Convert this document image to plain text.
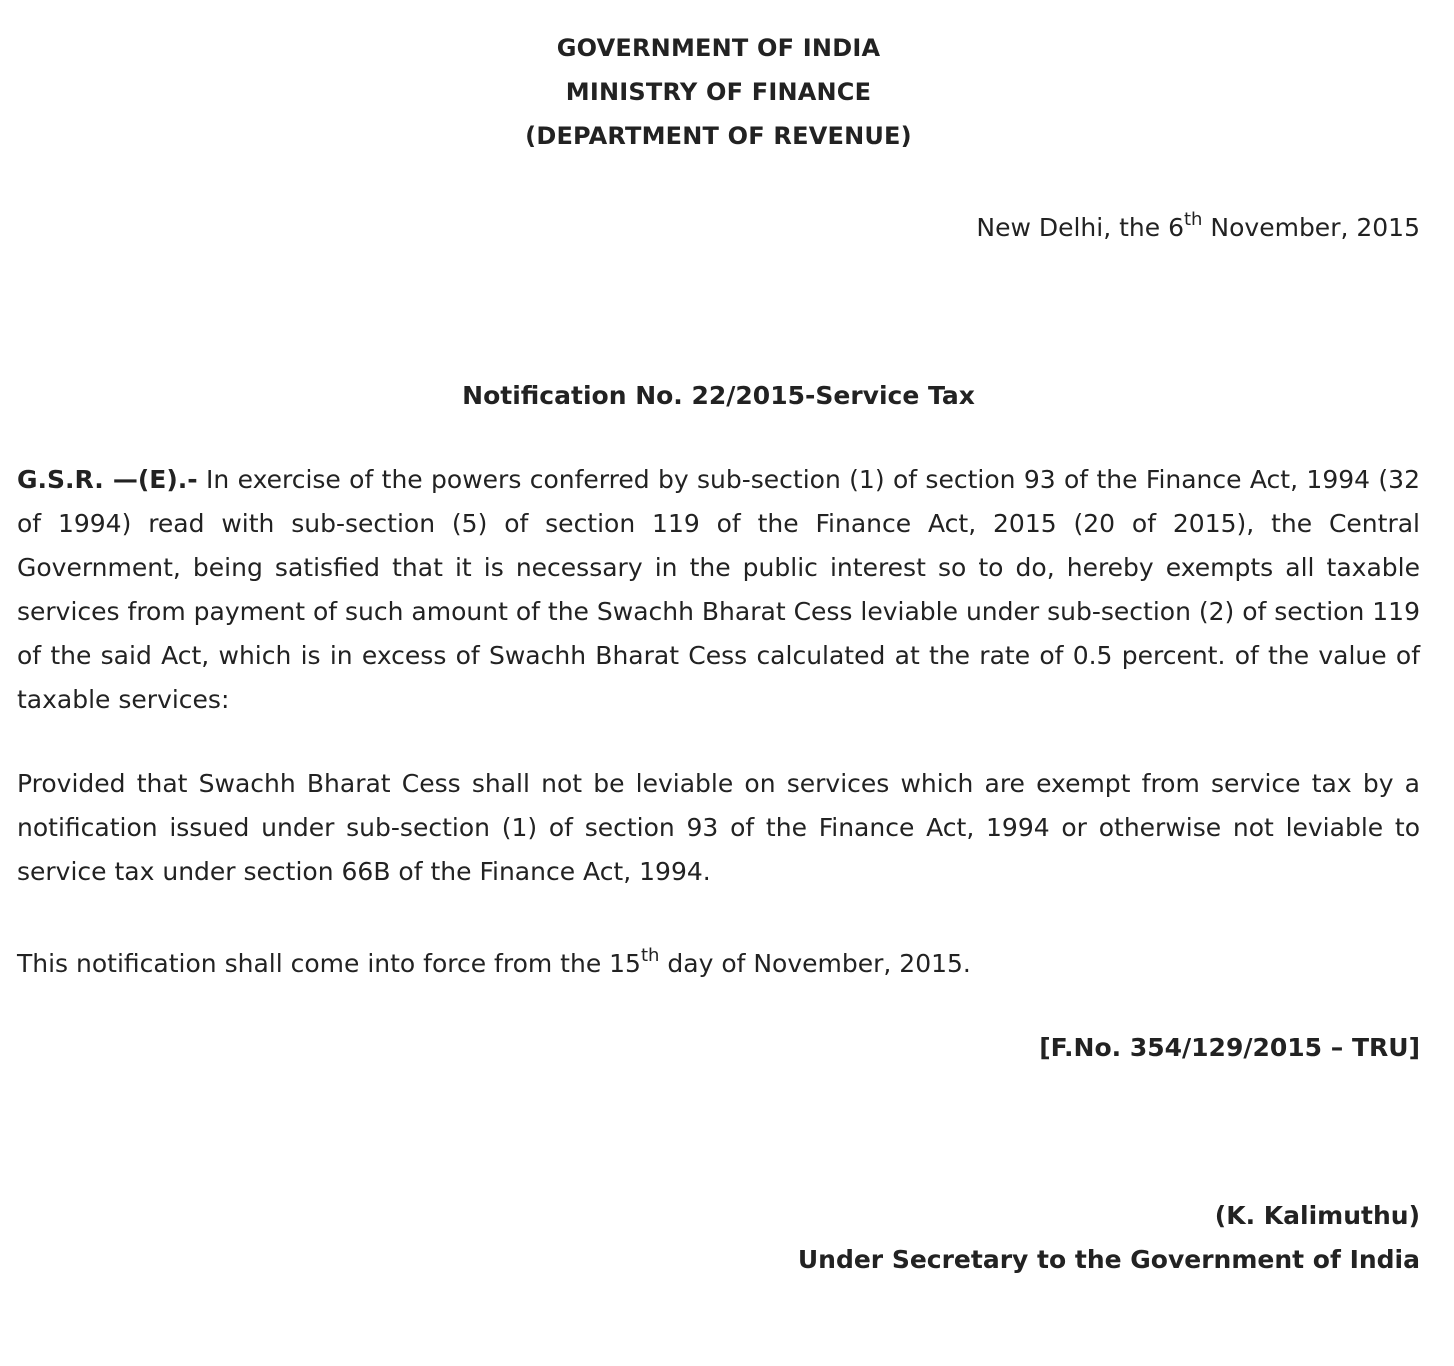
GOVERNMENT OF INDIA
MINISTRY OF FINANCE
(DEPARTMENT OF REVENUE)
New Delhi, the 6th November, 2015
Notification No. 22/2015-Service Tax

G.S.R. —(E).- In exercise of the powers conferred by sub-section (1) of section 93 of the Finance Act, 1994 (32 of 1994) read with sub-section (5) of section 119 of the Finance Act, 2015 (20 of 2015), the Central Government, being satisfied that it is necessary in the public interest so to do, hereby exempts all taxable services from payment of such amount of the Swachh Bharat Cess leviable under sub-section (2) of section 119 of the said Act, which is in excess of Swachh Bharat Cess calculated at the rate of 0.5 percent. of the value of taxable services:

Provided that Swachh Bharat Cess shall not be leviable on services which are exempt from service tax by a notification issued under sub-section (1) of section 93 of the Finance Act, 1994 or otherwise not leviable to service tax under section 66B of the Finance Act, 1994.

This notification shall come into force from the 15th day of November, 2015.

[F.No. 354/129/2015 – TRU]
(K. Kalimuthu)
Under Secretary to the Government of India
